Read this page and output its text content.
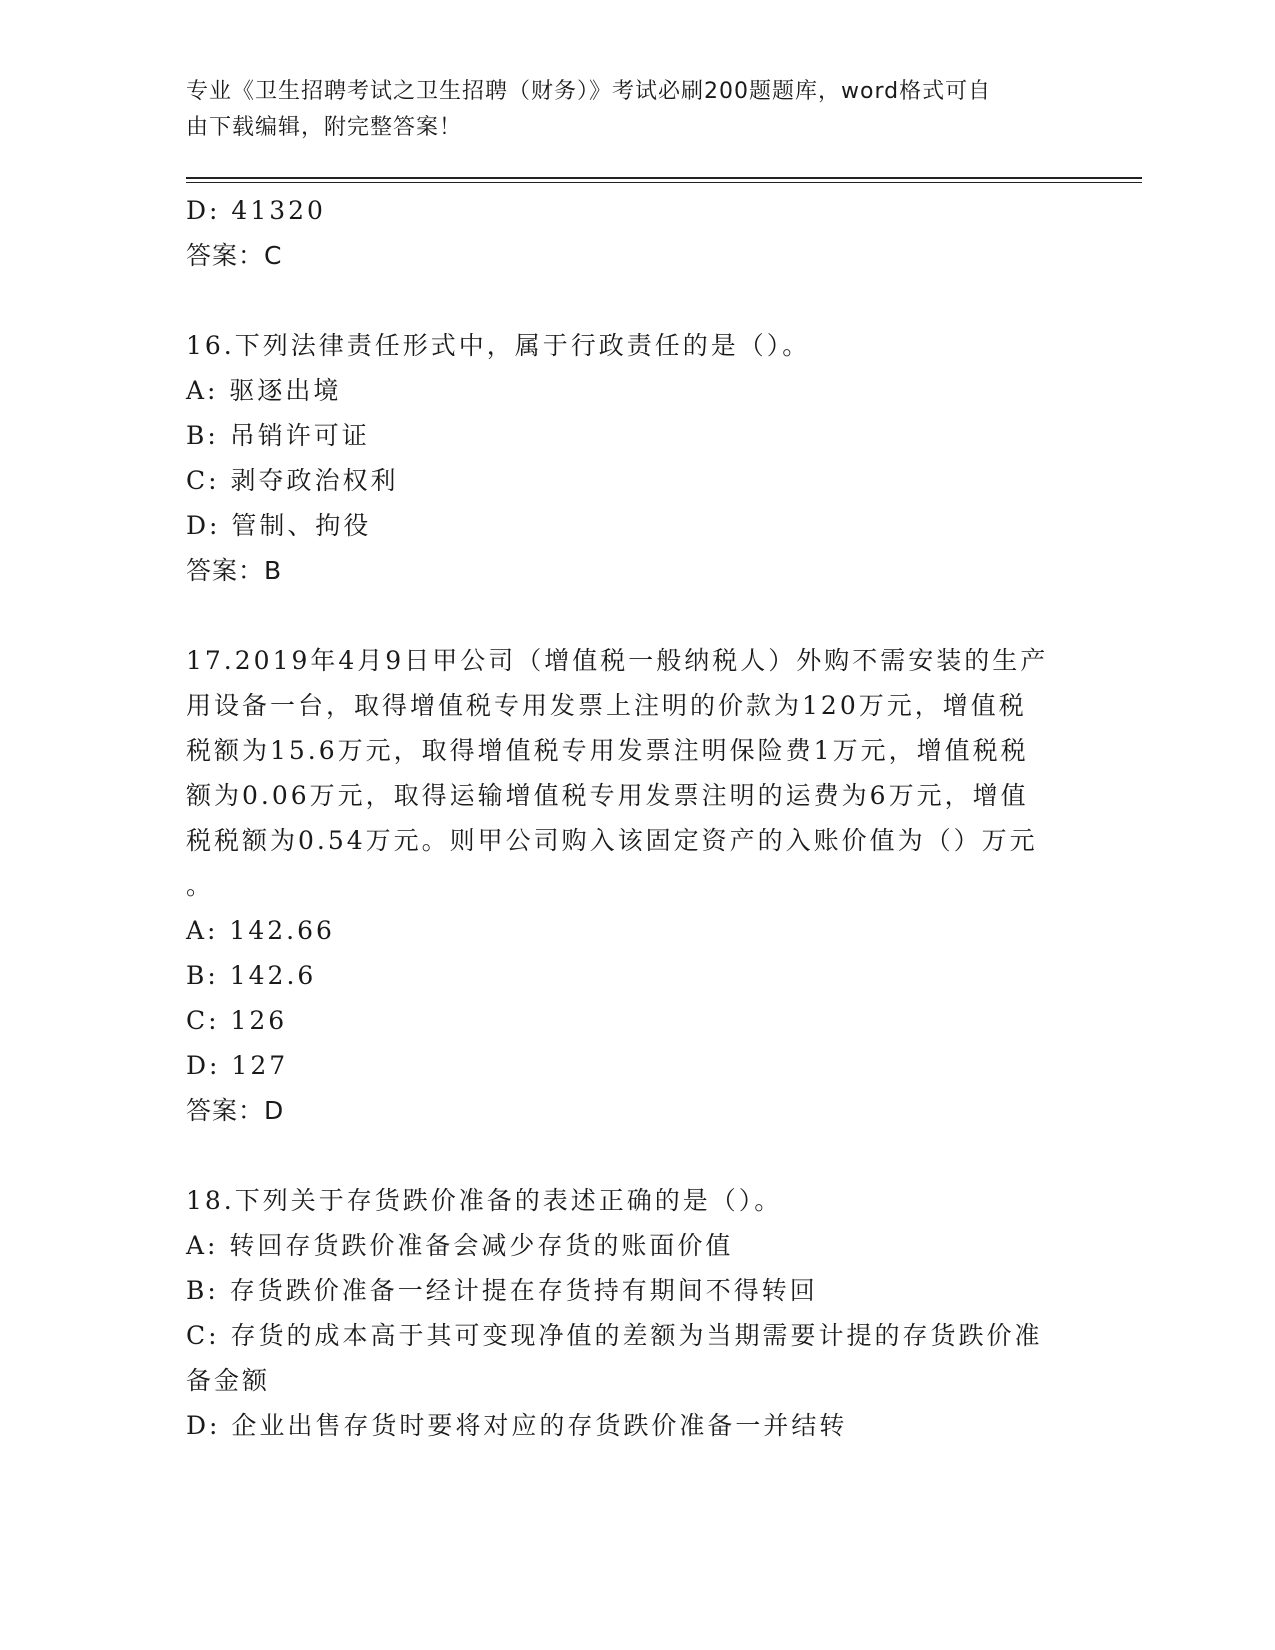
专业《卫生招聘考试之卫生招聘（财务）》考试必刷200题题库，word格式可自
由下载编辑，附完整答案！
D: 41320
答案：C
16.下列法律责任形式中，属于行政责任的是（）。
A: 驱逐出境
B: 吊销许可证
C: 剥夺政治权利
D: 管制、拘役
答案：B
17.2019年4月9日甲公司（增值税一般纳税人）外购不需安装的生产
用设备一台，取得增值税专用发票上注明的价款为120万元，增值税
税额为15.6万元，取得增值税专用发票注明保险费1万元，增值税税
额为0.06万元，取得运输增值税专用发票注明的运费为6万元，增值
税税额为0.54万元。则甲公司购入该固定资产的入账价值为（）万元
。
A: 142.66
B: 142.6
C: 126
D: 127
答案：D
18.下列关于存货跌价准备的表述正确的是（）。
A: 转回存货跌价准备会减少存货的账面价值
B: 存货跌价准备一经计提在存货持有期间不得转回
C: 存货的成本高于其可变现净值的差额为当期需要计提的存货跌价准
备金额
D: 企业出售存货时要将对应的存货跌价准备一并结转
